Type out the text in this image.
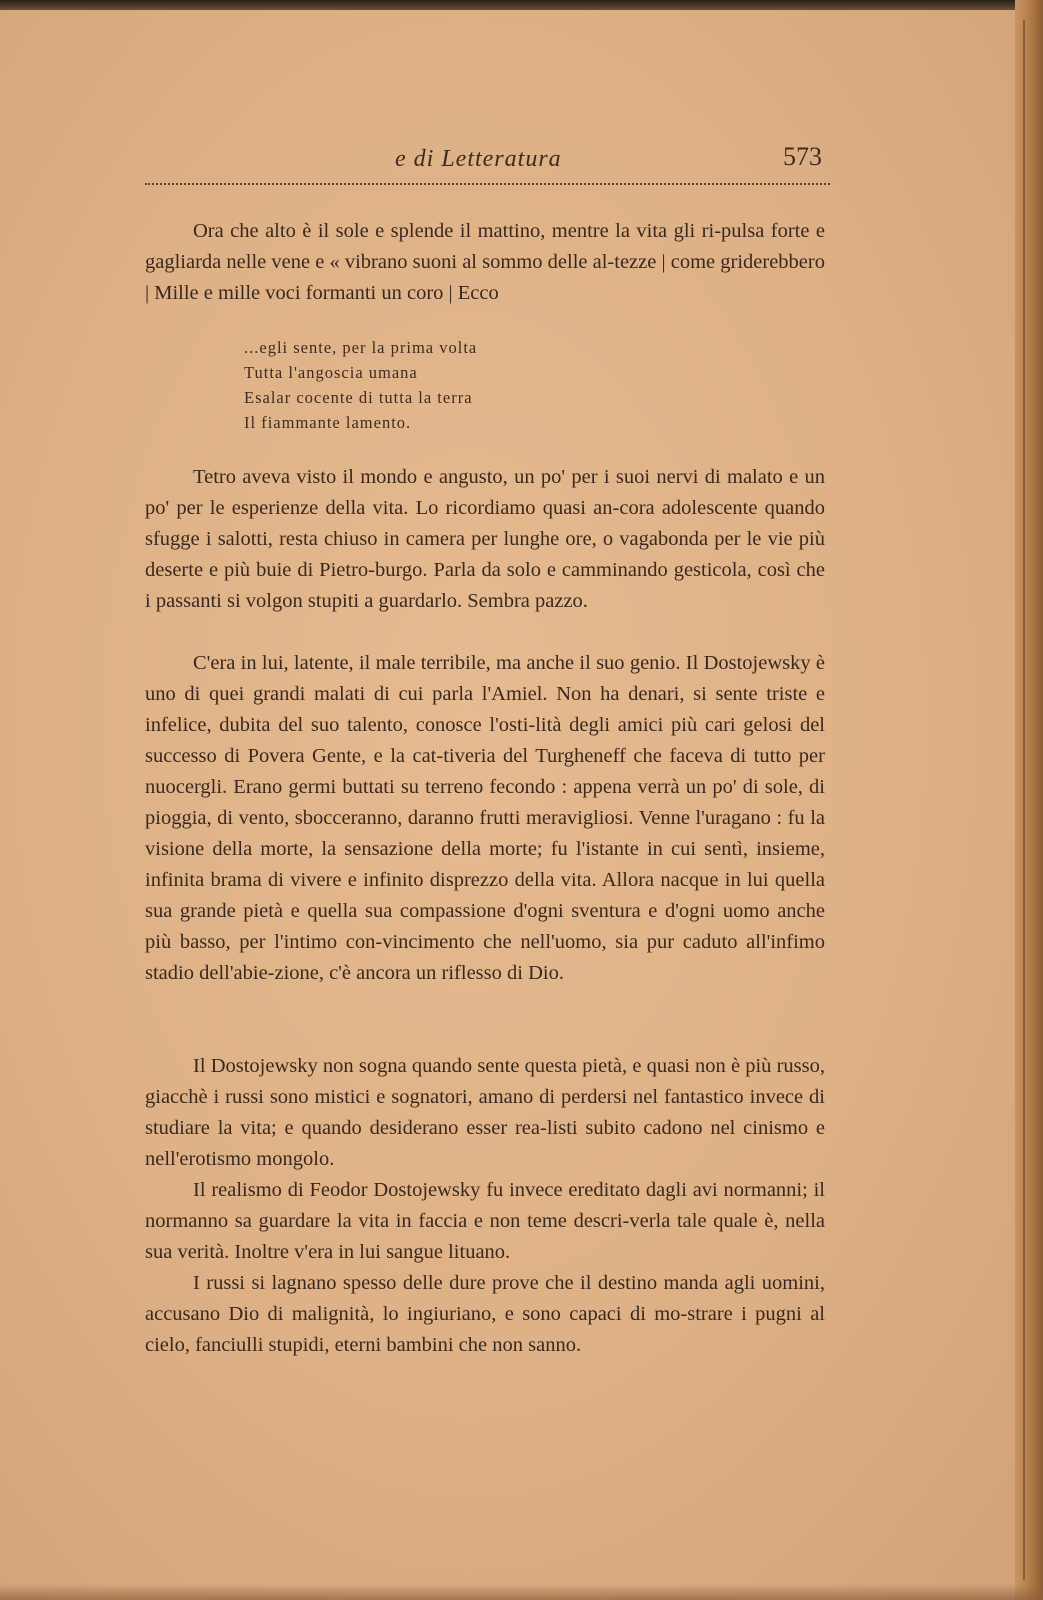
e di Letteratura	573
Ora che alto è il sole e splende il mattino, mentre la vita gli ri-pulsa forte e gagliarda nelle vene e « vibrano suoni al sommo delle al-tezze | come griderebbero | Mille e mille voci formanti un coro | Ecco
...egli sente, per la prima volta
Tutta l'angoscia umana
Esalar cocente di tutta la terra
Il fiammante lamento.
Tetro aveva visto il mondo e angusto, un po' per i suoi nervi di malato e un po' per le esperienze della vita. Lo ricordiamo quasi an-cora adolescente quando sfugge i salotti, resta chiuso in camera per lunghe ore, o vagabonda per le vie più deserte e più buie di Pietro-burgo. Parla da solo e camminando gesticola, così che i passanti si volgon stupiti a guardarlo. Sembra pazzo.
C'era in lui, latente, il male terribile, ma anche il suo genio. Il Dostojewsky è uno di quei grandi malati di cui parla l'Amiel. Non ha denari, si sente triste e infelice, dubita del suo talento, conosce l'osti-lità degli amici più cari gelosi del successo di Povera Gente, e la cat-tiveria del Turgheneff che faceva di tutto per nuocergli. Erano germi buttati su terreno fecondo : appena verrà un po' di sole, di pioggia, di vento, sbocceranno, daranno frutti meravigliosi. Venne l'uragano : fu la visione della morte, la sensazione della morte; fu l'istante in cui sentì, insieme, infinita brama di vivere e infinito disprezzo della vita. Allora nacque in lui quella sua grande pietà e quella sua compassione d'ogni sventura e d'ogni uomo anche più basso, per l'intimo con-vincimento che nell'uomo, sia pur caduto all'infimo stadio dell'abie-zione, c'è ancora un riflesso di Dio.
Il Dostojewsky non sogna quando sente questa pietà, e quasi non è più russo, giacchè i russi sono mistici e sognatori, amano di perdersi nel fantastico invece di studiare la vita; e quando desiderano esser rea-listi subito cadono nel cinismo e nell'erotismo mongolo.
Il realismo di Feodor Dostojewsky fu invece ereditato dagli avi normanni; il normanno sa guardare la vita in faccia e non teme descri-verla tale quale è, nella sua verità. Inoltre v'era in lui sangue lituano.
I russi si lagnano spesso delle dure prove che il destino manda agli uomini, accusano Dio di malignità, lo ingiuriano, e sono capaci di mo-strare i pugni al cielo, fanciulli stupidi, eterni bambini che non sanno.
